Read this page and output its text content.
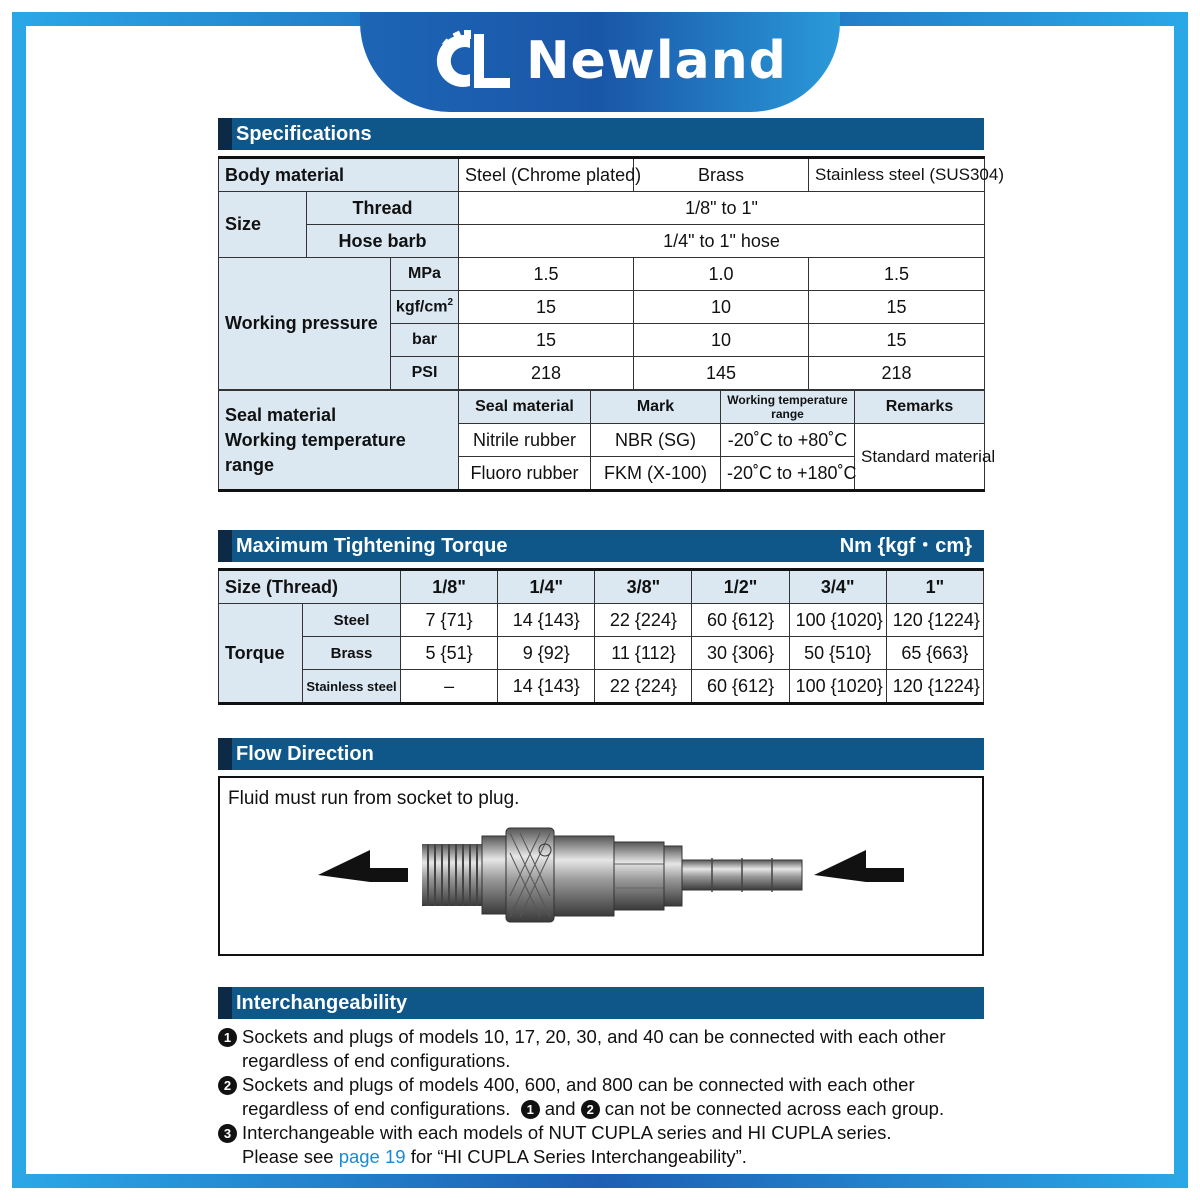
Newland
Specifications
Body material			Steel (Chrome plated)	Brass	Stainless steel (SUS304)
Size	Thread		1/8" to 1"		
	Hose barb		1/4" to 1" hose		
Working pressure		MPa	1.5	1.0	1.5
		kgf/$cm^2$	15	10	15
		bar	15	10	15
		PSI	218	145	218
Seal material
Working temperature range	Seal material	Mark	Working temperature range	Remarks
	Nitrile rubber	NBR (SG)	-20˚C to +80˚C	Standard material
	Fluoro rubber	FKM (X-100)	-20˚C to +180˚C	
Maximum Tightening Torque	Nm {kgf・cm}
Size (Thread)		1/8"	1/4"	3/8"	1/2"	3/4"	1"
Torque	Steel	7 {71}	14 {143}	22 {224}	60 {612}	100 {1020}	120 {1224}
	Brass	5 {51}	9 {92}	11 {112}	30 {306}	50 {510}	65 {663}
	Stainless steel	–	14 {143}	22 {224}	60 {612}	100 {1020}	120 {1224}
Flow Direction
Fluid must run from socket to plug.
Interchangeability

1 Sockets and plugs of models 10, 17, 20, 30, and 40 can be connected with each other regardless of end configurations.

2 Sockets and plugs of models 400, 600, and 800 can be connected with each other regardless of end configurations. 1 and 2 can not be connected across each group.

3 Interchangeable with each models of NUT CUPLA series and HI CUPLA series.
Please see page 19 for “HI CUPLA Series Interchangeability”.
